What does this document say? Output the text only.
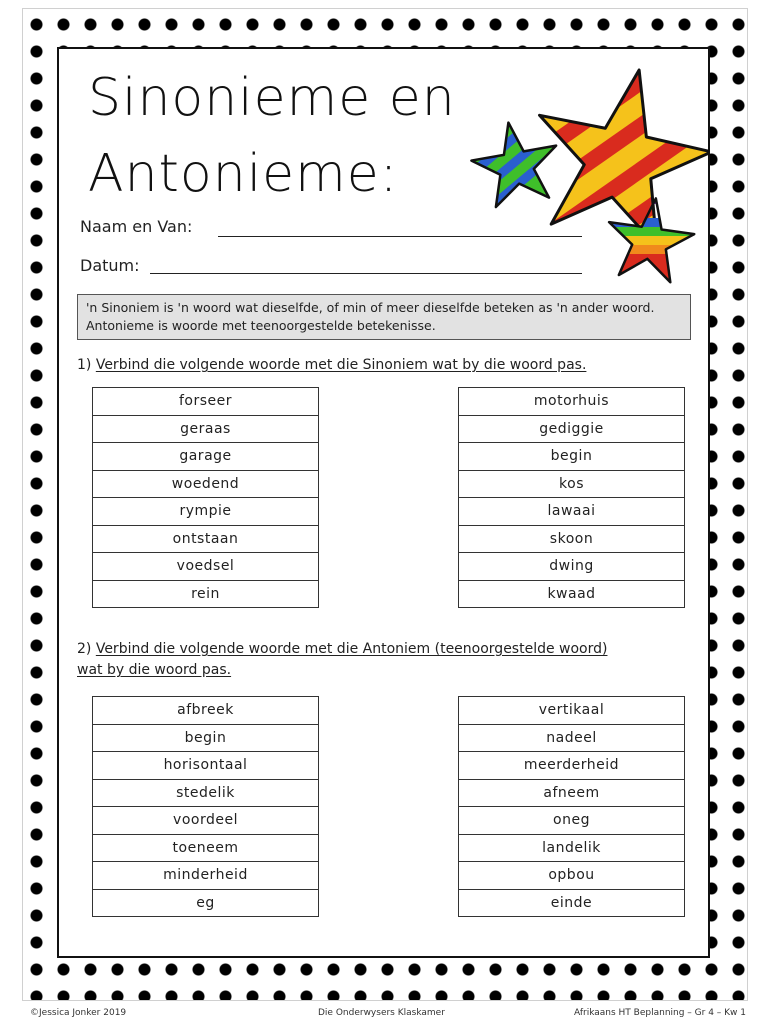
Sinonieme en
Antonieme:
Naam en Van:
Datum:
'n Sinoniem is 'n woord wat dieselfde, of min of meer dieselfde beteken as 'n ander woord. Antonieme is woorde met teenoorgestelde betekenisse.
1) Verbind die volgende woorde met die Sinoniem wat by die woord pas.
forseer
geraas
garage
woedend
rympie
ontstaan
voedsel
rein
motorhuis
gediggie
begin
kos
lawaai
skoon
dwing
kwaad
2) Verbind die volgende woorde met die Antoniem (teenoorgestelde woord)
wat by die woord pas.
afbreek
begin
horisontaal
stedelik
voordeel
toeneem
minderheid
eg
vertikaal
nadeel
meerderheid
afneem
oneg
landelik
opbou
einde
©Jessica Jonker 2019	Die Onderwysers Klaskamer	Afrikaans HT Beplanning – Gr 4 – Kw 1
